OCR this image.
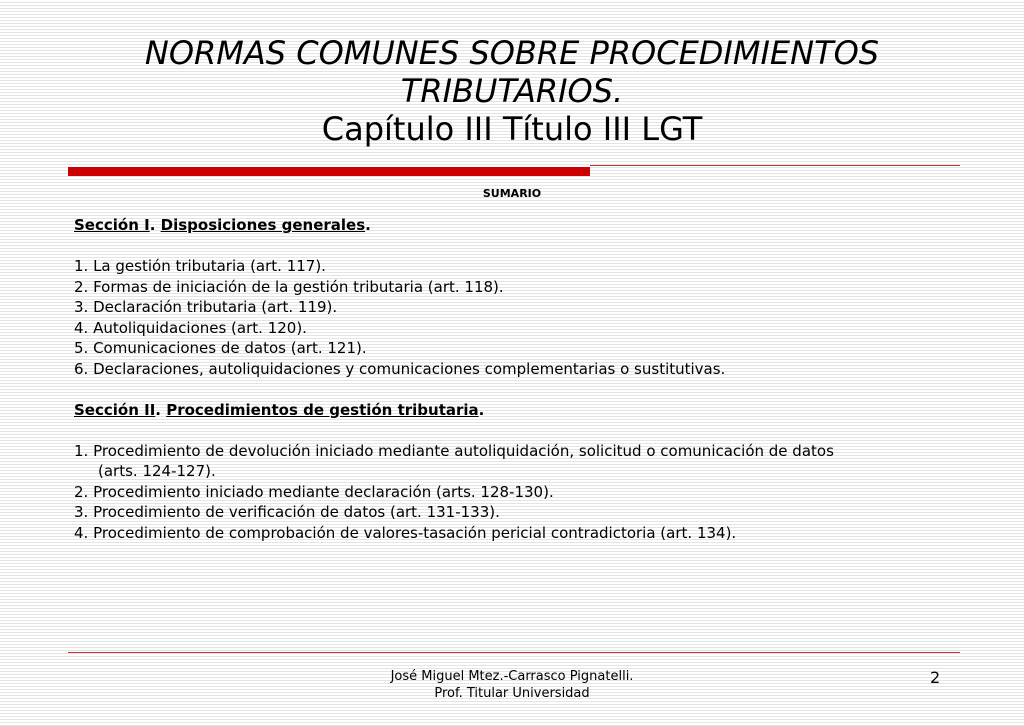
NORMAS COMUNES SOBRE PROCEDIMIENTOS
TRIBUTARIOS.
Capítulo III Título III LGT
SUMARIO
Sección I. Disposiciones generales.
1. La gestión tributaria (art. 117).
2. Formas de iniciación de la gestión tributaria (art. 118).
3. Declaración tributaria (art. 119).
4. Autoliquidaciones (art. 120).
5. Comunicaciones de datos (art. 121).
6. Declaraciones, autoliquidaciones y comunicaciones complementarias o sustitutivas.
Sección II. Procedimientos de gestión tributaria.
1. Procedimiento de devolución iniciado mediante autoliquidación, solicitud o comunicación de datos
(arts. 124-127).
2. Procedimiento iniciado mediante declaración (arts. 128-130).
3. Procedimiento de verificación de datos (art. 131-133).
4. Procedimiento de comprobación de valores-tasación pericial contradictoria (art. 134).
José Miguel Mtez.-Carrasco Pignatelli.
Prof. Titular Universidad
2
